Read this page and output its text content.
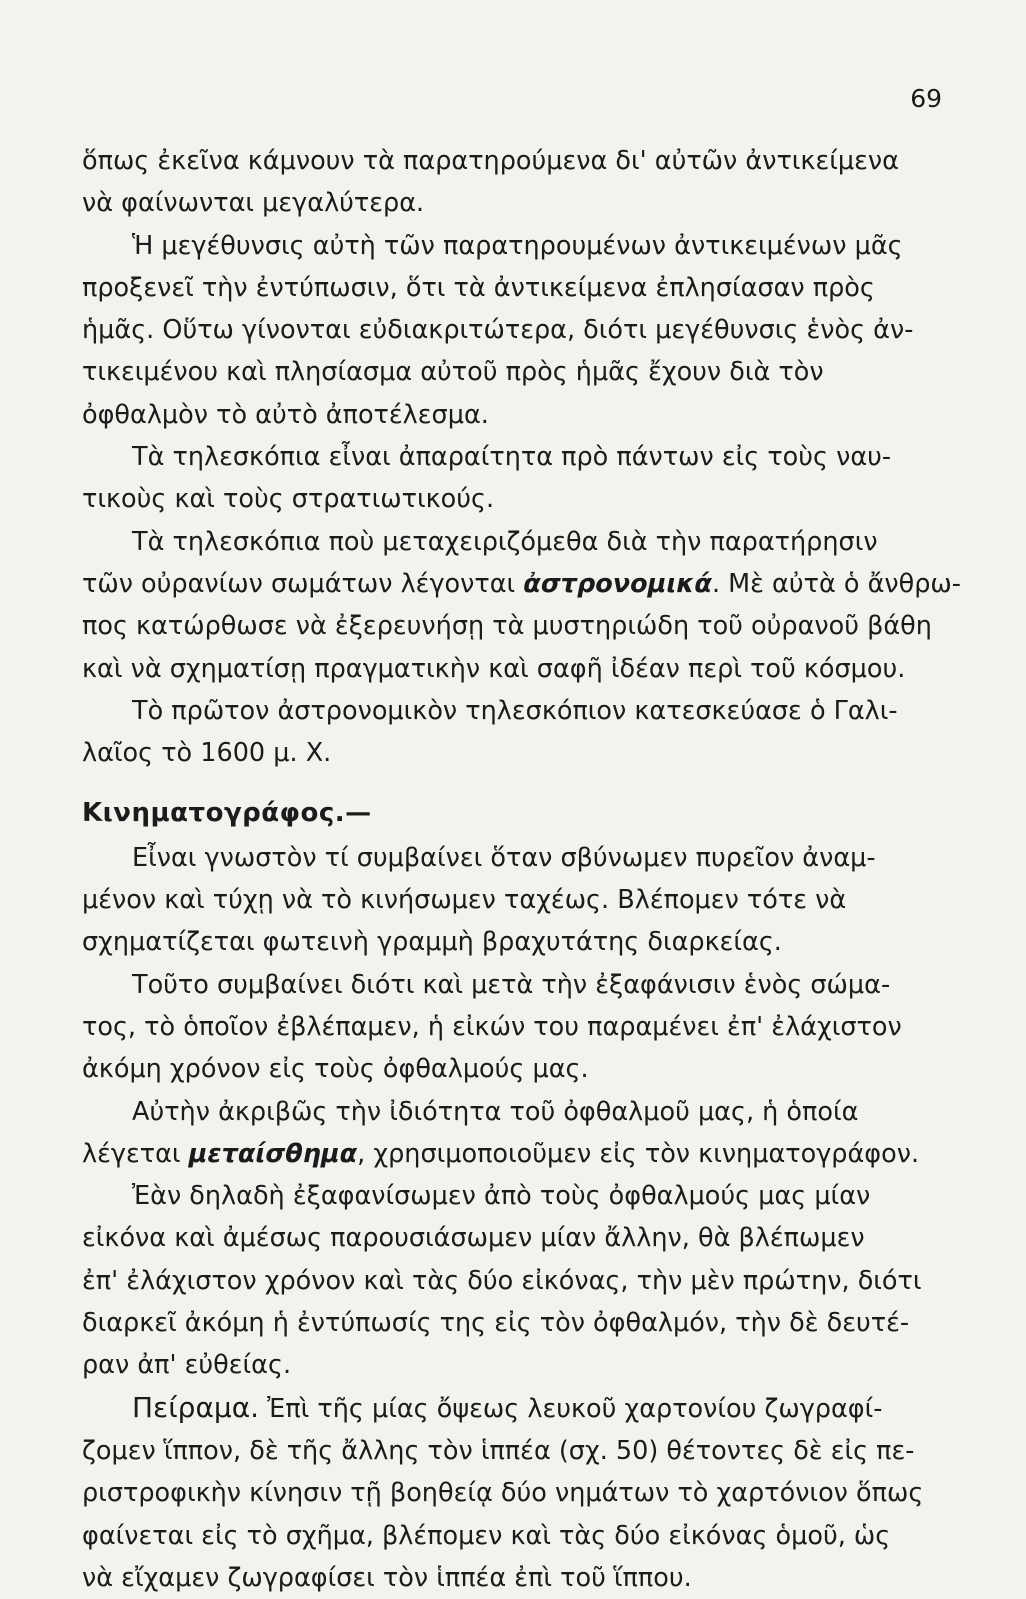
69
ὅπως ἐκεῖνα κάμνουν τὰ παρατηρούμενα δι' αὐτῶν ἀντικείμενα
νὰ φαίνωνται μεγαλύτερα.
Ἡ μεγέθυνσις αὐτὴ τῶν παρατηρουμένων ἀντικειμένων μᾶς
προξενεῖ τὴν ἐντύπωσιν, ὅτι τὰ ἀντικείμενα ἐπλησίασαν πρὸς
ἡμᾶς. Οὕτω γίνονται εὐδιακριτώτερα, διότι μεγέθυνσις ἑνὸς ἀν-
τικειμένου καὶ πλησίασμα αὐτοῦ πρὸς ἡμᾶς ἔχουν διὰ τὸν
ὀφθαλμὸν τὸ αὐτὸ ἀποτέλεσμα.
Τὰ τηλεσκόπια εἶναι ἀπαραίτητα πρὸ πάντων εἰς τοὺς ναυ-
τικοὺς καὶ τοὺς στρατιωτικούς.
Τὰ τηλεσκόπια ποὺ μεταχειριζόμεθα διὰ τὴν παρατήρησιν
τῶν οὐρανίων σωμάτων λέγονται ἀστρονομικά. Μὲ αὐτὰ ὁ ἄνθρω-
πος κατώρθωσε νὰ ἐξερευνήσῃ τὰ μυστηριώδη τοῦ οὐρανοῦ βάθη
καὶ νὰ σχηματίσῃ πραγματικὴν καὶ σαφῆ ἰδέαν περὶ τοῦ κόσμου.
Τὸ πρῶτον ἀστρονομικὸν τηλεσκόπιον κατεσκεύασε ὁ Γαλι-
λαῖος τὸ 1600 μ. Χ.
Κινηματογράφος.—
Εἶναι γνωστὸν τί συμβαίνει ὅταν σβύνωμεν πυρεῖον ἀναμ-
μένον καὶ τύχῃ νὰ τὸ κινήσωμεν ταχέως. Βλέπομεν τότε νὰ
σχηματίζεται φωτεινὴ γραμμὴ βραχυτάτης διαρκείας.
Τοῦτο συμβαίνει διότι καὶ μετὰ τὴν ἐξαφάνισιν ἑνὸς σώμα-
τος, τὸ ὁποῖον ἐβλέπαμεν, ἡ εἰκών του παραμένει ἐπ' ἐλάχιστον
ἀκόμη χρόνον εἰς τοὺς ὀφθαλμούς μας.
Αὐτὴν ἀκριβῶς τὴν ἰδιότητα τοῦ ὀφθαλμοῦ μας, ἡ ὁποία
λέγεται μεταίσθημα, χρησιμοποιοῦμεν εἰς τὸν κινηματογράφον.
Ἐὰν δηλαδὴ ἐξαφανίσωμεν ἀπὸ τοὺς ὀφθαλμούς μας μίαν
εἰκόνα καὶ ἀμέσως παρουσιάσωμεν μίαν ἄλλην, θὰ βλέπωμεν
ἐπ' ἐλάχιστον χρόνον καὶ τὰς δύο εἰκόνας, τὴν μὲν πρώτην, διότι
διαρκεῖ ἀκόμη ἡ ἐντύπωσίς της εἰς τὸν ὀφθαλμόν, τὴν δὲ δευτέ-
ραν ἀπ' εὐθείας.
Πείραμα. Ἐπὶ τῆς μίας ὄψεως λευκοῦ χαρτονίου ζωγραφί-
ζομεν ἵππον, δὲ τῆς ἄλλης τὸν ἱππέα (σχ. 50) θέτοντες δὲ εἰς πε-
ριστροφικὴν κίνησιν τῇ βοηθείᾳ δύο νημάτων τὸ χαρτόνιον ὅπως
φαίνεται εἰς τὸ σχῆμα, βλέπομεν καὶ τὰς δύο εἰκόνας ὁμοῦ, ὡς
νὰ εἴχαμεν ζωγραφίσει τὸν ἱππέα ἐπὶ τοῦ ἵππου.
